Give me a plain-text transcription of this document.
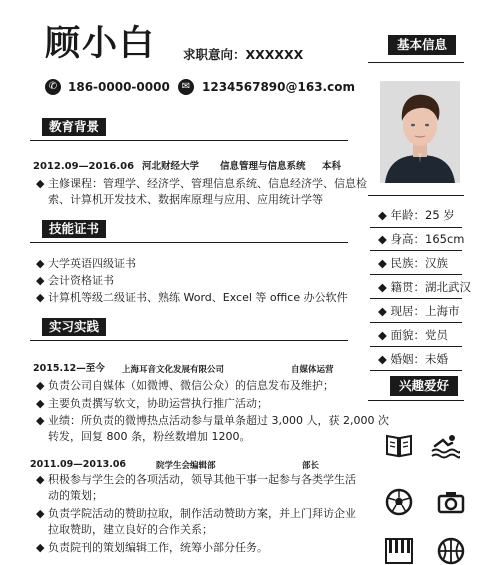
顾小白 求职意向：XXXXXX
✆ 186-0000-0000	✉ 1234567890@163.com
教育背景
2012.09—2016.06 河北财经大学 信息管理与信息系统 本科
◆ 主修课程：管理学、经济学、管理信息系统、信息经济学、信息检
索、计算机开发技术、数据库原理与应用、应用统计学等
技能证书
◆ 大学英语四级证书
◆ 会计资格证书
◆ 计算机等级二级证书、熟练 Word、Excel 等 office 办公软件
实习实践
2015.12—至今 上海耳音文化发展有限公司	自媒体运营
◆ 负责公司自媒体（如微博、微信公众）的信息发布及维护；
◆ 主要负责撰写软文，协助运营执行推广活动；
◆ 业绩：所负责的微博热点活动参与量单条超过 3,000 人，获 2,000 次
转发，回复 800 条，粉丝数增加 1200。
2011.09—2013.06	院学生会编辑部	部长
◆ 积极参与学生会的各项活动，领导其他干事一起参与各类学生活
动的策划；
◆ 负责学院活动的赞助拉取，制作活动赞助方案，并上门拜访企业
拉取赞助，建立良好的合作关系；
◆ 负责院刊的策划编辑工作，统筹小部分任务。
基本信息
◆ 年龄：25 岁
◆ 身高：165cm
◆ 民族：汉族
◆ 籍贯：湖北武汉
◆ 现居：上海市
◆ 面貌：党员
◆ 婚姻：未婚
兴趣爱好
